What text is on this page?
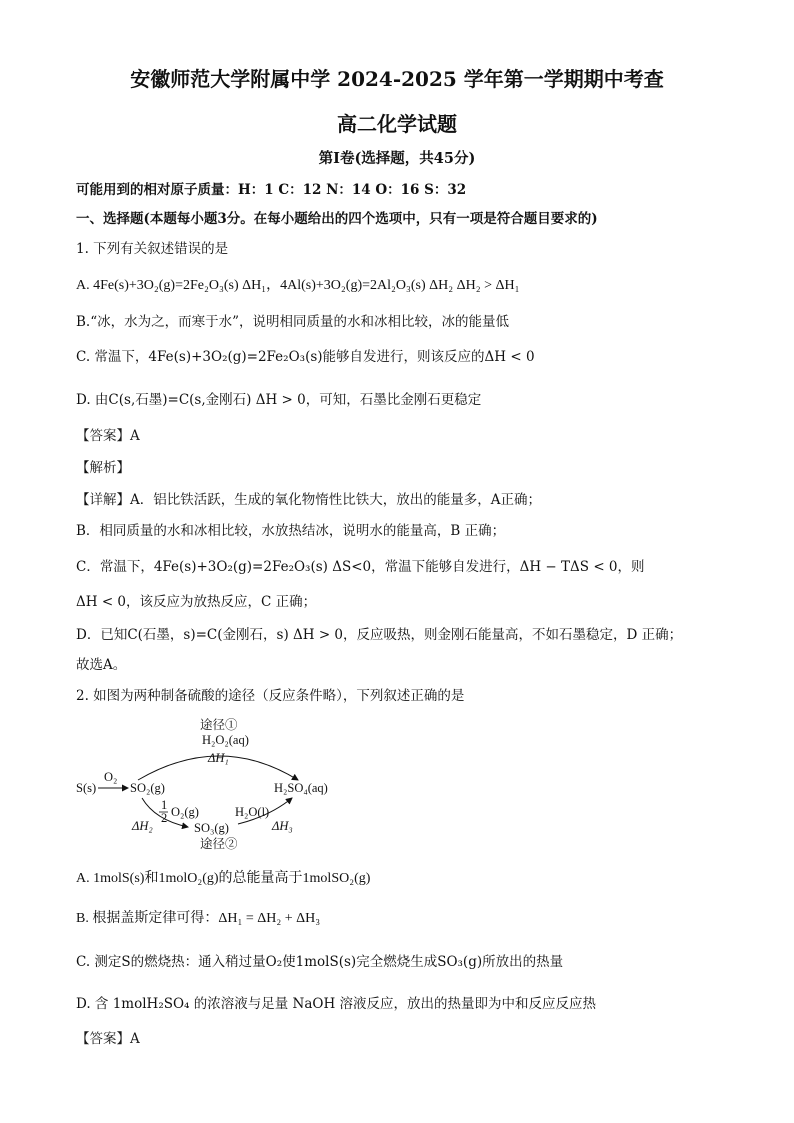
安徽师范大学附属中学 2024-2025 学年第一学期期中考查
高二化学试题
第Ⅰ卷(选择题，共45分)
可能用到的相对原子质量：H：1 C：12 N：14 O：16 S：32
一、选择题(本题每小题3分。在每小题给出的四个选项中，只有一项是符合题目要求的)
1. 下列有关叙述错误的是
A. 4Fe(s)+3O₂(g)=2Fe₂O₃(s) ΔH₁，4Al(s)+3O₂(g)=2Al₂O₃(s) ΔH₂ ΔH₂ > ΔH₁
B.“冰，水为之，而寒于水”，说明相同质量的水和冰相比较，冰的能量低
C. 常温下，4Fe(s)+3O₂(g)=2Fe₂O₃(s)能够自发进行，则该反应的ΔH < 0
D. 由C(s,石墨)=C(s,金刚石) ΔH > 0，可知，石墨比金刚石更稳定
【答案】A
【解析】
【详解】A．铝比铁活跃，生成的氧化物惰性比铁大，放出的能量多，A正确；
B．相同质量的水和冰相比较，水放热结冰，说明水的能量高，B 正确；
C．常温下，4Fe(s)+3O₂(g)=2Fe₂O₃(s) ΔS<0，常温下能够自发进行，ΔH − TΔS < 0，则
ΔH < 0，该反应为放热反应，C 正确；
D．已知C(石墨，s)=C(金刚石，s) ΔH > 0，反应吸热，则金刚石能量高，不如石墨稳定，D 正确；
故选A。
2. 如图为两种制备硫酸的途径（反应条件略），下列叙述正确的是
途径①
H₂O₂(aq)
ΔH₁
O₂
S(s)	SO₂(g)	H₂SO₄(aq)
1
2 O₂(g)	H₂O(l)
ΔH₂	SO₃(g)	ΔH₃
途径②
A. 1molS(s)和1molO₂(g)的总能量高于1molSO₂(g)
B. 根据盖斯定律可得：ΔH₁ = ΔH₂ + ΔH₃
C. 测定S的燃烧热：通入稍过量O₂使1molS(s)完全燃烧生成SO₃(g)所放出的热量
D. 含 1molH₂SO₄ 的浓溶液与足量 NaOH 溶液反应，放出的热量即为中和反应反应热
【答案】A
